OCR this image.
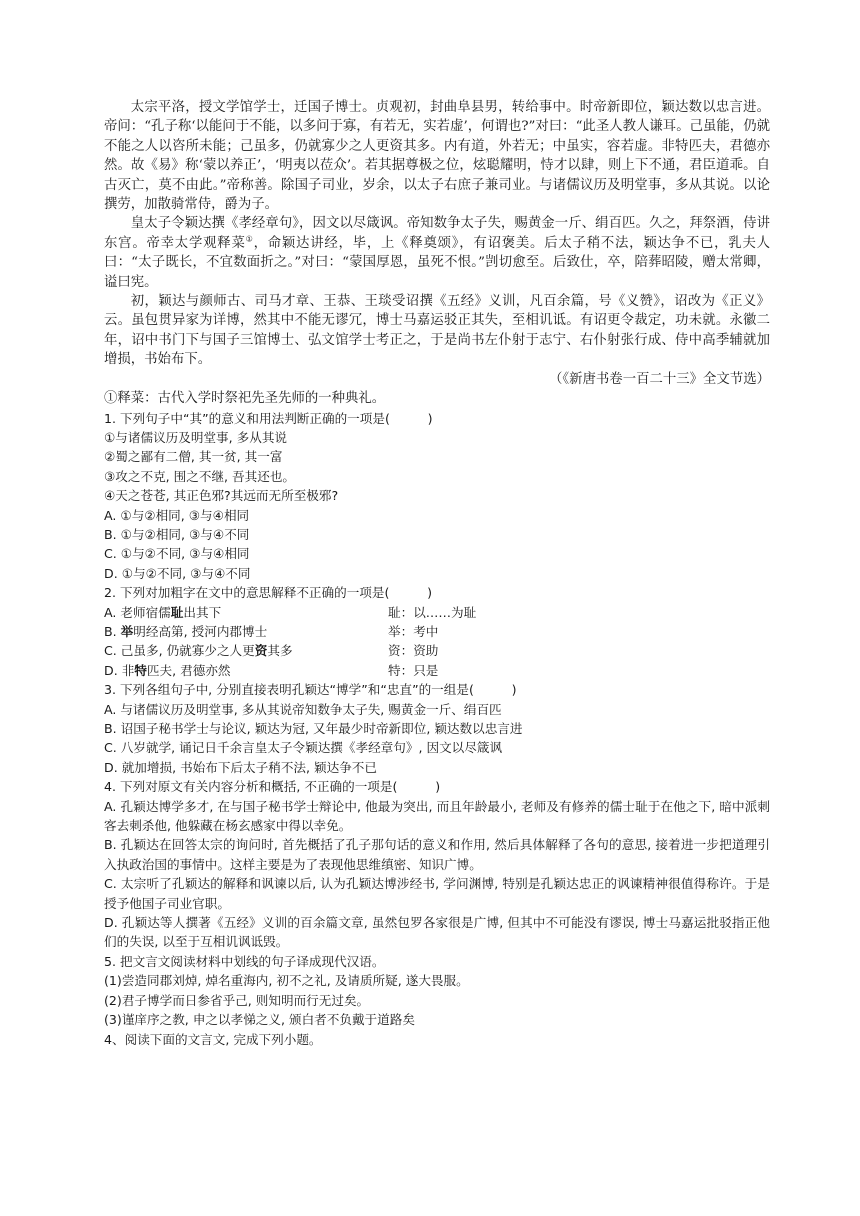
太宗平洛，授文学馆学士，迁国子博士。贞观初，封曲阜县男，转给事中。时帝新即位，颖达数以忠言进。帝问：“孔子称‘以能问于不能，以多问于寡，有若无，实若虚’，何谓也?”对曰：“此圣人教人谦耳。己虽能，仍就不能之人以咨所未能；己虽多，仍就寡少之人更资其多。内有道，外若无；中虽实，容若虚。非特匹夫，君德亦然。故《易》称‘蒙以养正’，‘明夷以莅众’。若其据尊极之位，炫聪耀明，恃才以肆，则上下不通，君臣道乖。自古灭亡，莫不由此。”帝称善。除国子司业，岁余，以太子右庶子兼司业。与诸儒议历及明堂事，多从其说。以论撰劳，加散骑常侍，爵为子。

皇太子令颖达撰《孝经章句》，因文以尽箴讽。帝知数争太子失，赐黄金一斤、绢百匹。久之，拜祭酒，侍讲东宫。帝幸太学观释菜①，命颖达讲经，毕，上《释奠颂》，有诏褒美。后太子稍不法，颖达争不已，乳夫人曰：“太子既长，不宜数面折之。”对曰：“蒙国厚恩，虽死不恨。”剀切愈至。后致仕，卒，陪葬昭陵，赠太常卿，谥曰宪。

初，颖达与颜师古、司马才章、王恭、王琰受诏撰《五经》义训，凡百余篇，号《义赞》，诏改为《正义》云。虽包贯异家为详博，然其中不能无谬冗，博士马嘉运驳正其失，至相讥诋。有诏更令裁定，功未就。永徽二年，诏中书门下与国子三馆博士、弘文馆学士考正之，于是尚书左仆射于志宁、右仆射张行成、侍中高季辅就加增损，书始布下。

（《新唐书卷一百二十三》全文节选）

①释菜：古代入学时祭祀先圣先师的一种典礼。

1. 下列句子中“其”的意义和用法判断正确的一项是(　　　)

①与诸儒议历及明堂事, 多从其说

②蜀之鄙有二僧, 其一贫, 其一富

③攻之不克, 围之不继, 吾其还也。

④天之苍苍, 其正色邪?其远而无所至极邪?

A. ①与②相同, ③与④相同

B. ①与②相同, ③与④不同

C. ①与②不同, ③与④相同

D. ①与②不同, ③与④不同

2. 下列对加粗字在文中的意思解释不正确的一项是(　　　)

A. 老师宿儒耻出其下	耻：以……为耻
B. 举明经高第, 授河内郡博士	举：考中
C. 己虽多, 仍就寡少之人更资其多	资：资助
D. 非特匹夫, 君德亦然	特：只是

3. 下列各组句子中, 分别直接表明孔颖达“博学”和“忠直”的一组是(　　　)

A. 与诸儒议历及明堂事, 多从其说帝知数争太子失, 赐黄金一斤、绢百匹

B. 诏国子秘书学士与论议, 颖达为冠, 又年最少时帝新即位, 颖达数以忠言进

C. 八岁就学, 诵记日千余言皇太子令颖达撰《孝经章句》, 因文以尽箴讽

D. 就加增损, 书始布下后太子稍不法, 颖达争不已

4. 下列对原文有关内容分析和概括, 不正确的一项是(　　　)

A. 孔颖达博学多才, 在与国子秘书学士辩论中, 他最为突出, 而且年龄最小, 老师及有修养的儒士耻于在他之下, 暗中派刺客去刺杀他, 他躲藏在杨玄感家中得以幸免。

B. 孔颖达在回答太宗的询问时, 首先概括了孔子那句话的意义和作用, 然后具体解释了各句的意思, 接着进一步把道理引入执政治国的事情中。这样主要是为了表现他思维缜密、知识广博。

C. 太宗听了孔颖达的解释和讽谏以后, 认为孔颖达博涉经书, 学问渊博, 特别是孔颖达忠正的讽谏精神很值得称许。于是授予他国子司业官职。

D. 孔颖达等人撰著《五经》义训的百余篇文章, 虽然包罗各家很是广博, 但其中不可能没有谬误, 博士马嘉运批驳指正他们的失误, 以至于互相讥讽诋毁。

5. 把文言文阅读材料中划线的句子译成现代汉语。

(1)尝造同郡刘焯, 焯名重海内, 初不之礼, 及请质所疑, 遂大畏服。

(2)君子博学而日参省乎己, 则知明而行无过矣。

(3)谨庠序之教, 申之以孝悌之义, 颁白者不负戴于道路矣

4、阅读下面的文言文, 完成下列小题。
